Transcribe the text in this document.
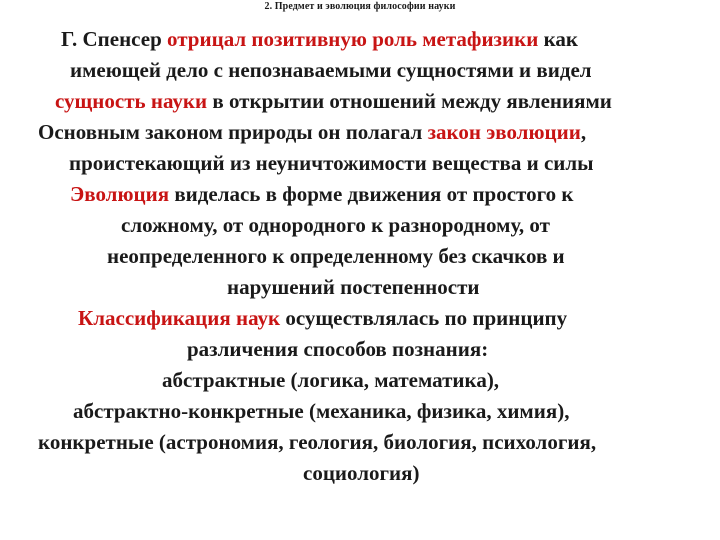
2. Предмет и эволюция философии науки
Г. Спенсер отрицал позитивную роль метафизики как
имеющей дело с непознаваемыми сущностями и видел
сущность науки в открытии отношений между явлениями
Основным законом природы он полагал закон эволюции,
проистекающий из неуничтожимости вещества и силы
Эволюция виделась в форме движения от простого к
сложному, от однородного к разнородному, от
неопределенного к определенному без скачков и
нарушений постепенности
Классификация наук осуществлялась по принципу
различения способов познания:
абстрактные (логика, математика),
абстрактно-конкретные (механика, физика, химия),
конкретные (астрономия, геология, биология, психология,
социология)
